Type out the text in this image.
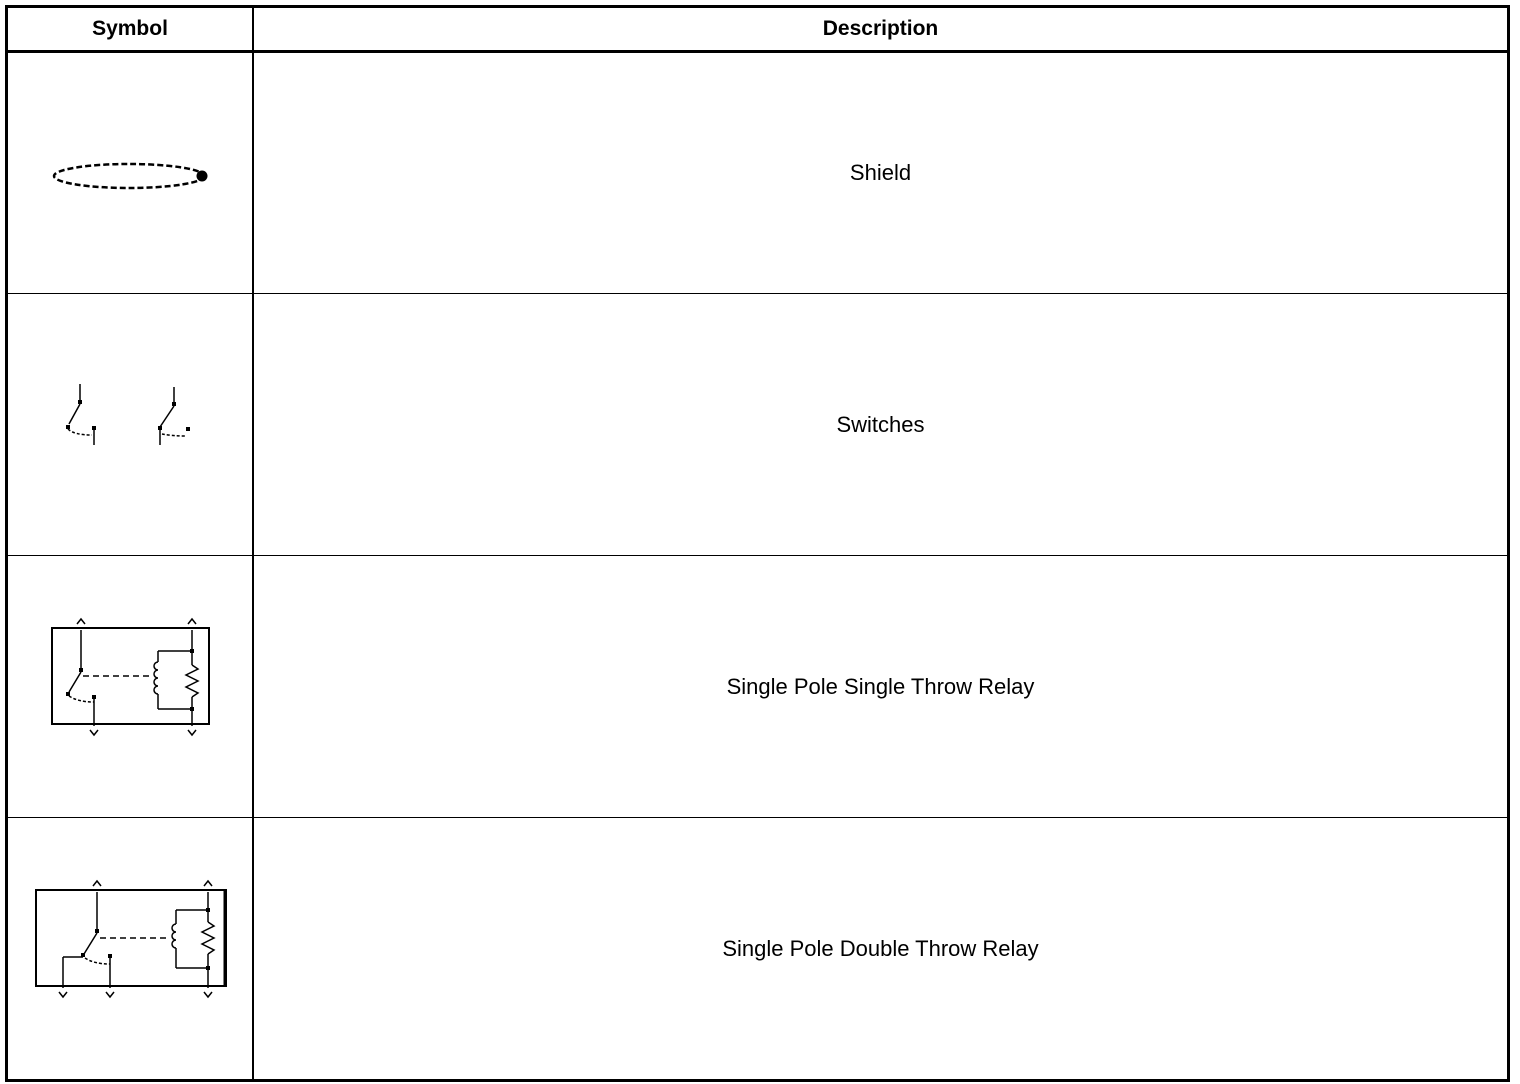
Symbol	Description
Shield
Switches
Single Pole Single Throw Relay
Single Pole Double Throw Relay
